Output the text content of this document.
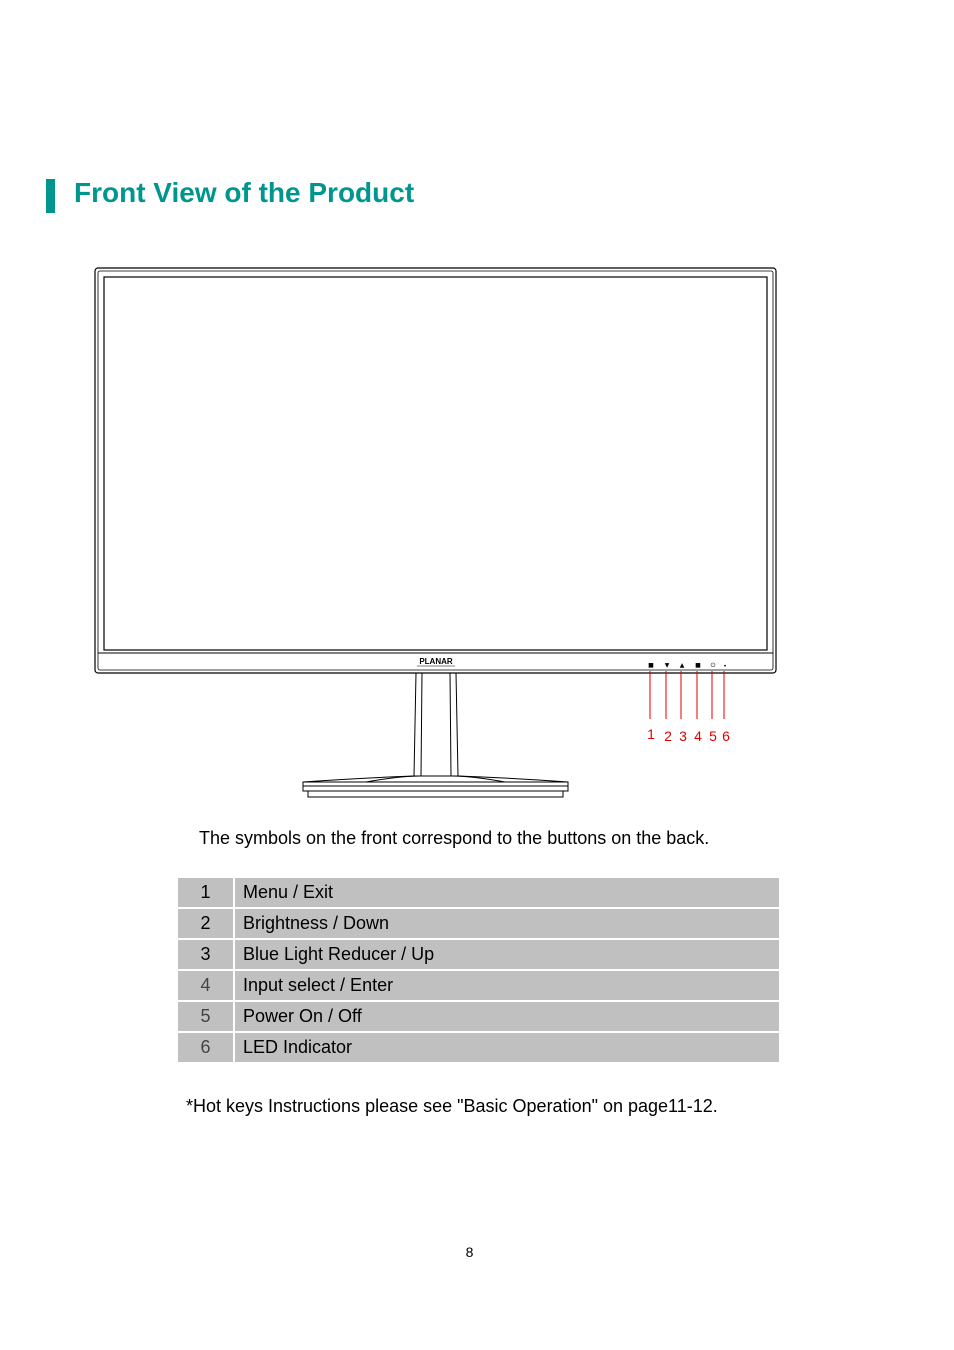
Front View of the Product
PLANAR	■ ▼ ▲ ■ ⏻ •
1 2 3 4 5 6
The symbols on the front correspond to the buttons on the back.
1	Menu / Exit
2	Brightness / Down
3	Blue Light Reducer / Up
4	Input select / Enter
5	Power On / Off
6	LED Indicator
*Hot keys Instructions please see "Basic Operation" on page11-12.
8
